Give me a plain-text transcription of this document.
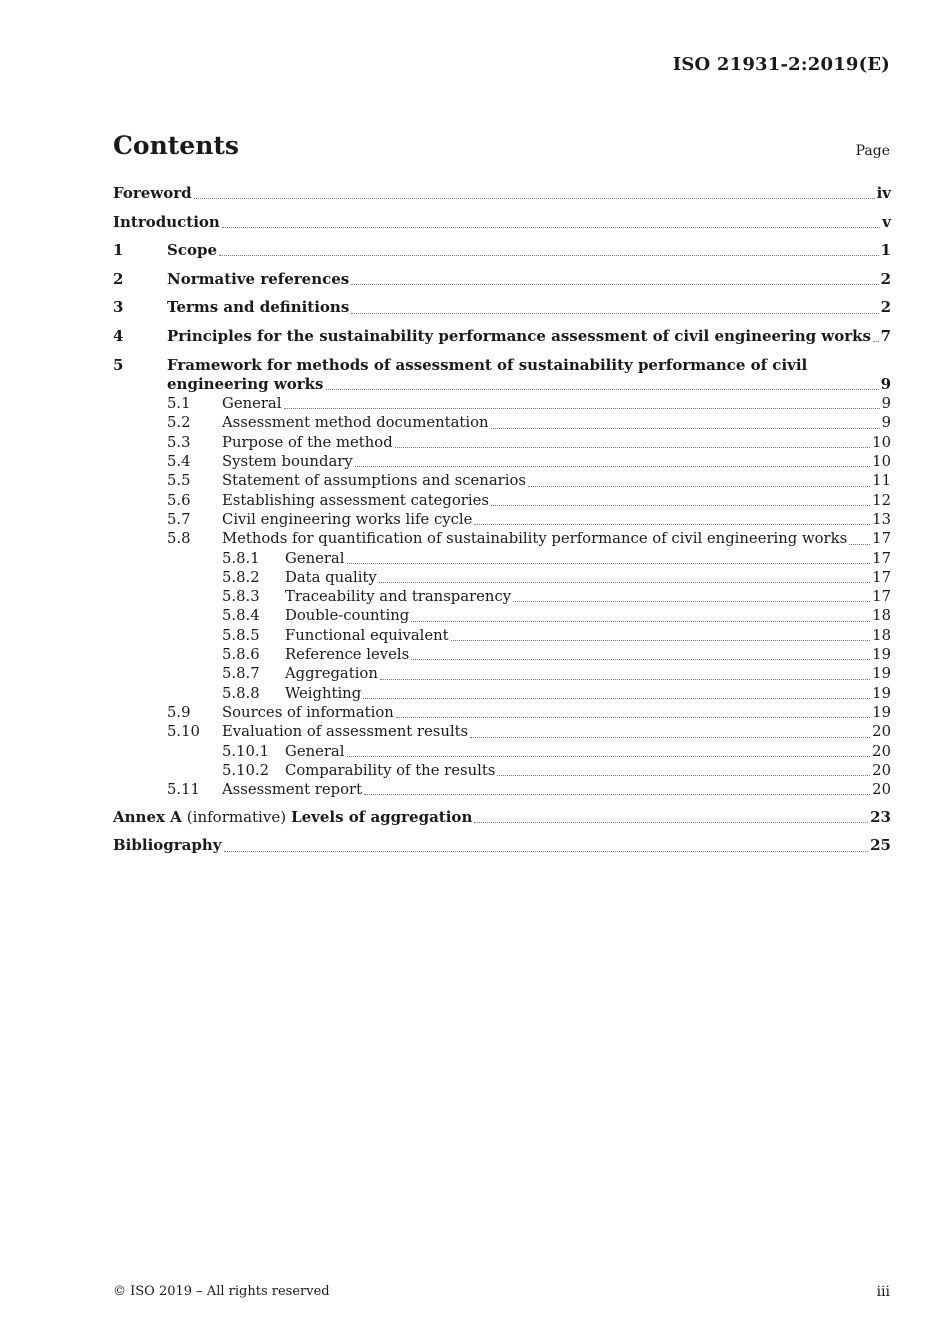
ISO 21931-2:2019(E)
Contents	Page
Foreword	iv
Introduction	v
1	Scope	1
2	Normative references	2
3	Terms and definitions	2
4	Principles for the sustainability performance assessment of civil engineering works 7
5	Framework for methods of assessment of sustainability performance of civil
engineering works	9
5.1	General	9
5.2	Assessment method documentation	9
5.3	Purpose of the method	10
5.4	System boundary	10
5.5	Statement of assumptions and scenarios	11
5.6	Establishing assessment categories	12
5.7	Civil engineering works life cycle	13
5.8	Methods for quantification of sustainability performance of civil engineering works 17
5.8.1	General	17
5.8.2	Data quality	17
5.8.3	Traceability and transparency	17
5.8.4	Double-counting	18
5.8.5	Functional equivalent	18
5.8.6	Reference levels	19
5.8.7	Aggregation	19
5.8.8	Weighting	19
5.9	Sources of information	19
5.10	Evaluation of assessment results	20
5.10.1	General	20
5.10.2	Comparability of the results	20
5.11	Assessment report	20
Annex A (informative) Levels of aggregation	23
Bibliography	25
© ISO 2019 – All rights reserved	iii
